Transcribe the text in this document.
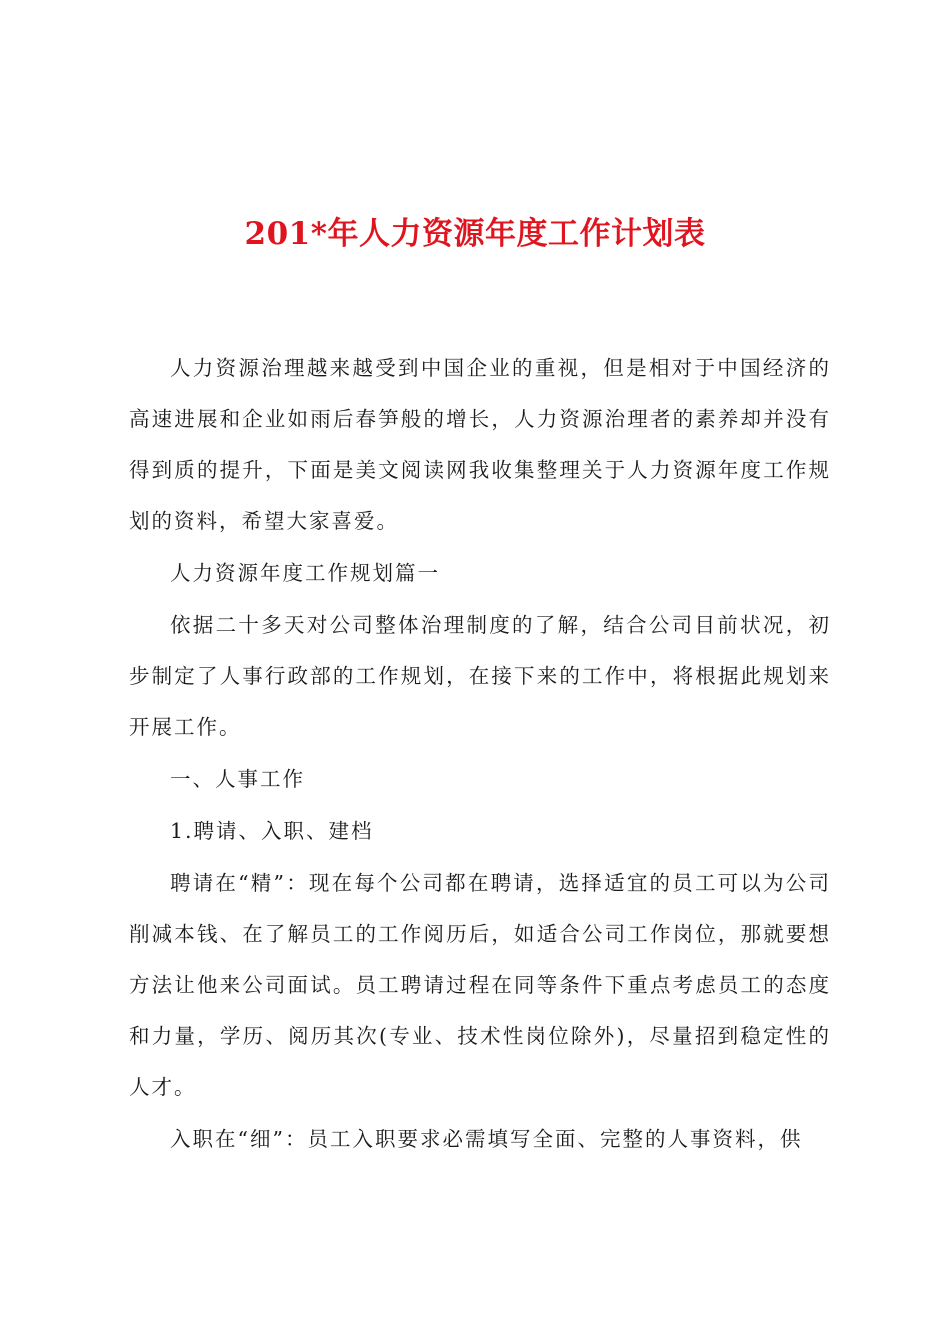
201*年人力资源年度工作计划表

人力资源治理越来越受到中国企业的重视，但是相对于中国经济的高速进展和企业如雨后春笋般的增长，人力资源治理者的素养却并没有得到质的提升，下面是美文阅读网我收集整理关于人力资源年度工作规划的资料，希望大家喜爱。

人力资源年度工作规划篇一

依据二十多天对公司整体治理制度的了解，结合公司目前状况，初步制定了人事行政部的工作规划，在接下来的工作中，将根据此规划来开展工作。

一、人事工作

1.聘请、入职、建档

聘请在“精”：现在每个公司都在聘请，选择适宜的员工可以为公司削减本钱、在了解员工的工作阅历后，如适合公司工作岗位，那就要想方法让他来公司面试。员工聘请过程在同等条件下重点考虑员工的态度和力量，学历、阅历其次(专业、技术性岗位除外)，尽量招到稳定性的人才。

入职在“细”：员工入职要求必需填写全面、完整的人事资料，供
